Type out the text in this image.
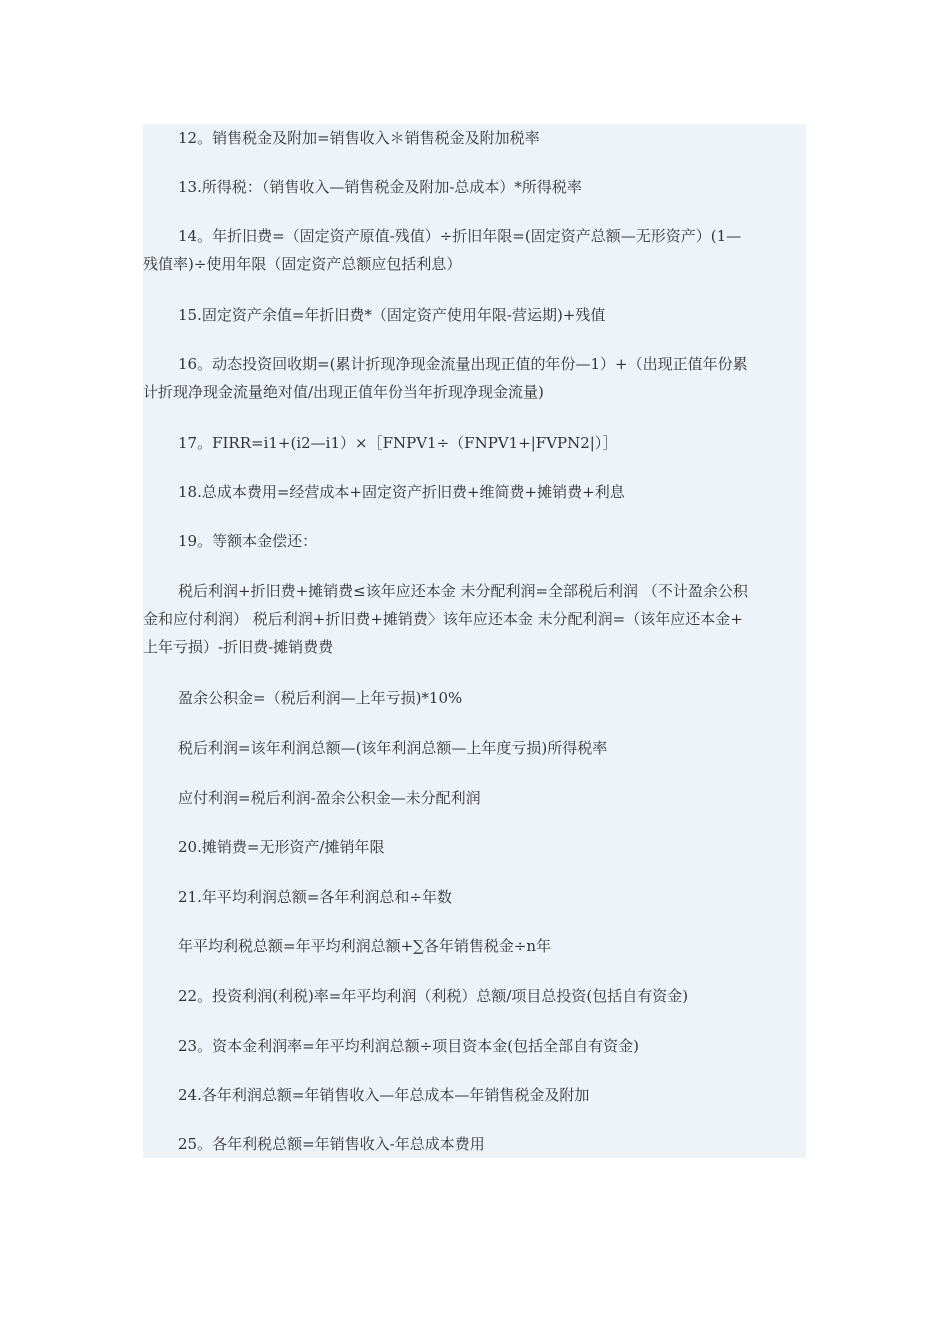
12。销售税金及附加=销售收入＊销售税金及附加税率
13.所得税：（销售收入—销售税金及附加-总成本）*所得税率
14。年折旧费=（固定资产原值-残值）÷折旧年限=(固定资产总额—无形资产）(1—
残值率)÷使用年限（固定资产总额应包括利息）
15.固定资产余值=年折旧费*（固定资产使用年限-营运期)+残值
16。动态投资回收期=(累计折现净现金流量出现正值的年份—1）+（出现正值年份累
计折现净现金流量绝对值/出现正值年份当年折现净现金流量)
17。FIRR=i1+(i2—i1）×［FNPV1÷（FNPV1+|FVPN2|）］
18.总成本费用=经营成本+固定资产折旧费+维简费+摊销费+利息
19。等额本金偿还：
税后利润+折旧费+摊销费≤该年应还本金 未分配利润=全部税后利润 （不计盈余公积
金和应付利润） 税后利润+折旧费+摊销费〉该年应还本金 未分配利润=（该年应还本金+
上年亏损）-折旧费-摊销费费
盈余公积金=（税后利润—上年亏损)*10%
税后利润=该年利润总额—(该年利润总额—上年度亏损)所得税率
应付利润=税后利润-盈余公积金—未分配利润
20.摊销费=无形资产/摊销年限
21.年平均利润总额=各年利润总和÷年数
年平均利税总额=年平均利润总额+∑各年销售税金÷n年
22。投资利润(利税)率=年平均利润（利税）总额/项目总投资(包括自有资金)
23。资本金利润率=年平均利润总额÷项目资本金(包括全部自有资金)
24.各年利润总额=年销售收入—年总成本—年销售税金及附加
25。各年利税总额=年销售收入-年总成本费用
